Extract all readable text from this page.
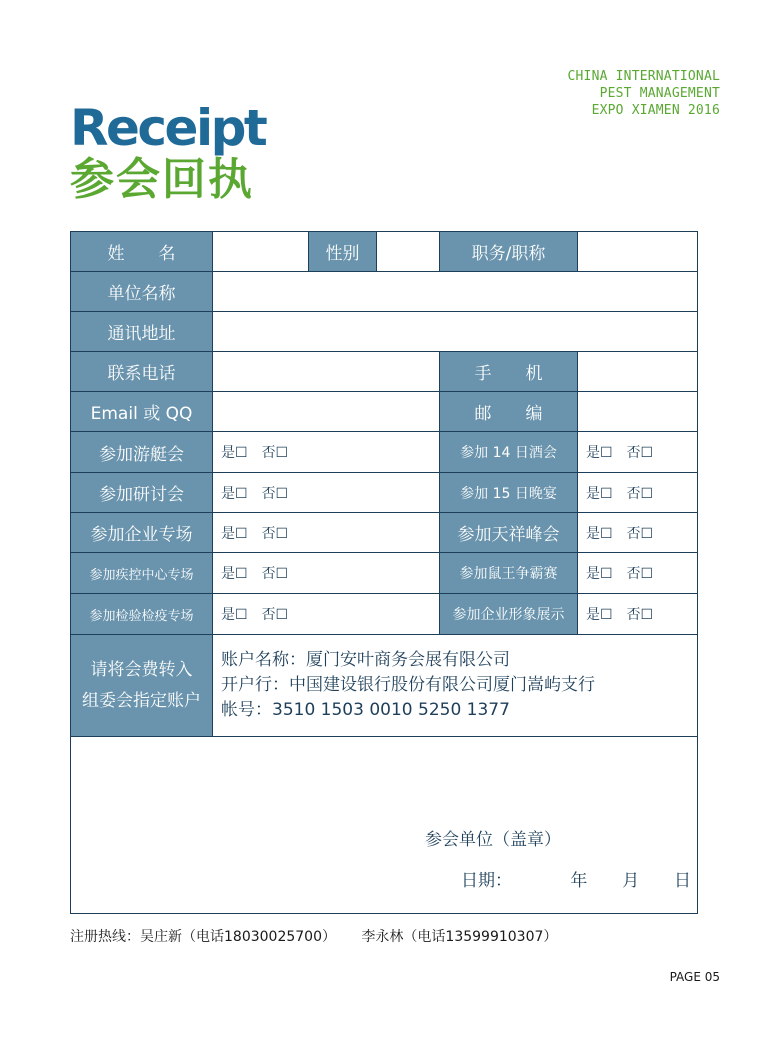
CHINA INTERNATIONAL
PEST MANAGEMENT
EXPO XIAMEN 2016
Receipt
参会回执
姓　　名	性别	职务/职称
单位名称
通讯地址
联系电话	手　　机
Email 或 QQ	邮　　编
参加游艇会	是☐　否☐	参加 14 日酒会	是☐　否☐
参加研讨会	是☐　否☐	参加 15 日晚宴	是☐　否☐
参加企业专场	是☐　否☐	参加天祥峰会	是☐　否☐
参加疾控中心专场	是☐　否☐	参加鼠王争霸赛	是☐　否☐
参加检验检疫专场	是☐　否☐	参加企业形象展示	是☐　否☐
请将会费转入
组委会指定账户
账户名称：厦门安叶商务会展有限公司
开户行：中国建设银行股份有限公司厦门嵩屿支行
帐号：3510 1503 0010 5250 1377
参会单位（盖章）
日期：	年	月	日
注册热线：吴庄新（电话18030025700）　　 李永林（电话13599910307）
PAGE 05
